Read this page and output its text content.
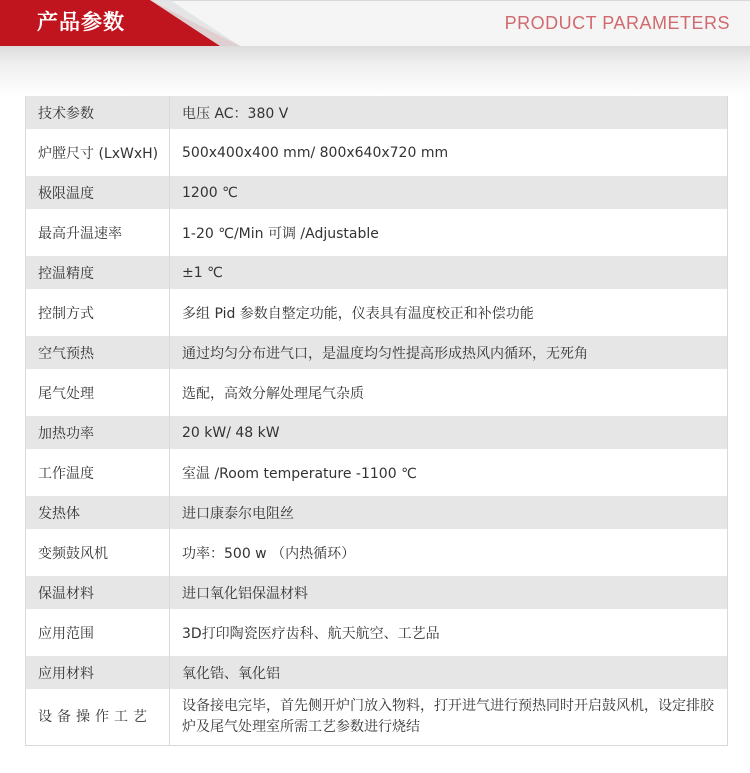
产品参数	PRODUCT PARAMETERS
技术参数	电压 AC：380 V
炉膛尺寸 (LxWxH)	500x400x400 mm/ 800x640x720 mm
极限温度	1200 ℃
最高升温速率	1-20 ℃/Min 可调 /Adjustable
控温精度	±1 ℃
控制方式	多组 Pid 参数自整定功能，仪表具有温度校正和补偿功能
空气预热	通过均匀分布进气口，是温度均匀性提高形成热风内循环，无死角
尾气处理	选配，高效分解处理尾气杂质
加热功率	20 kW/ 48 kW
工作温度	室温 /Room temperature -1100 ℃
发热体	进口康泰尔电阻丝
变频鼓风机	功率：500 w （内热循环）
保温材料	进口氧化铝保温材料
应用范围	3D打印陶瓷医疗齿科、航天航空、工艺品
应用材料	氧化锆、氧化铝
设备操作工艺	设备接电完毕，首先侧开炉门放入物料，打开进气进行预热同时开启鼓风机，设定排胶炉及尾气处理室所需工艺参数进行烧结
